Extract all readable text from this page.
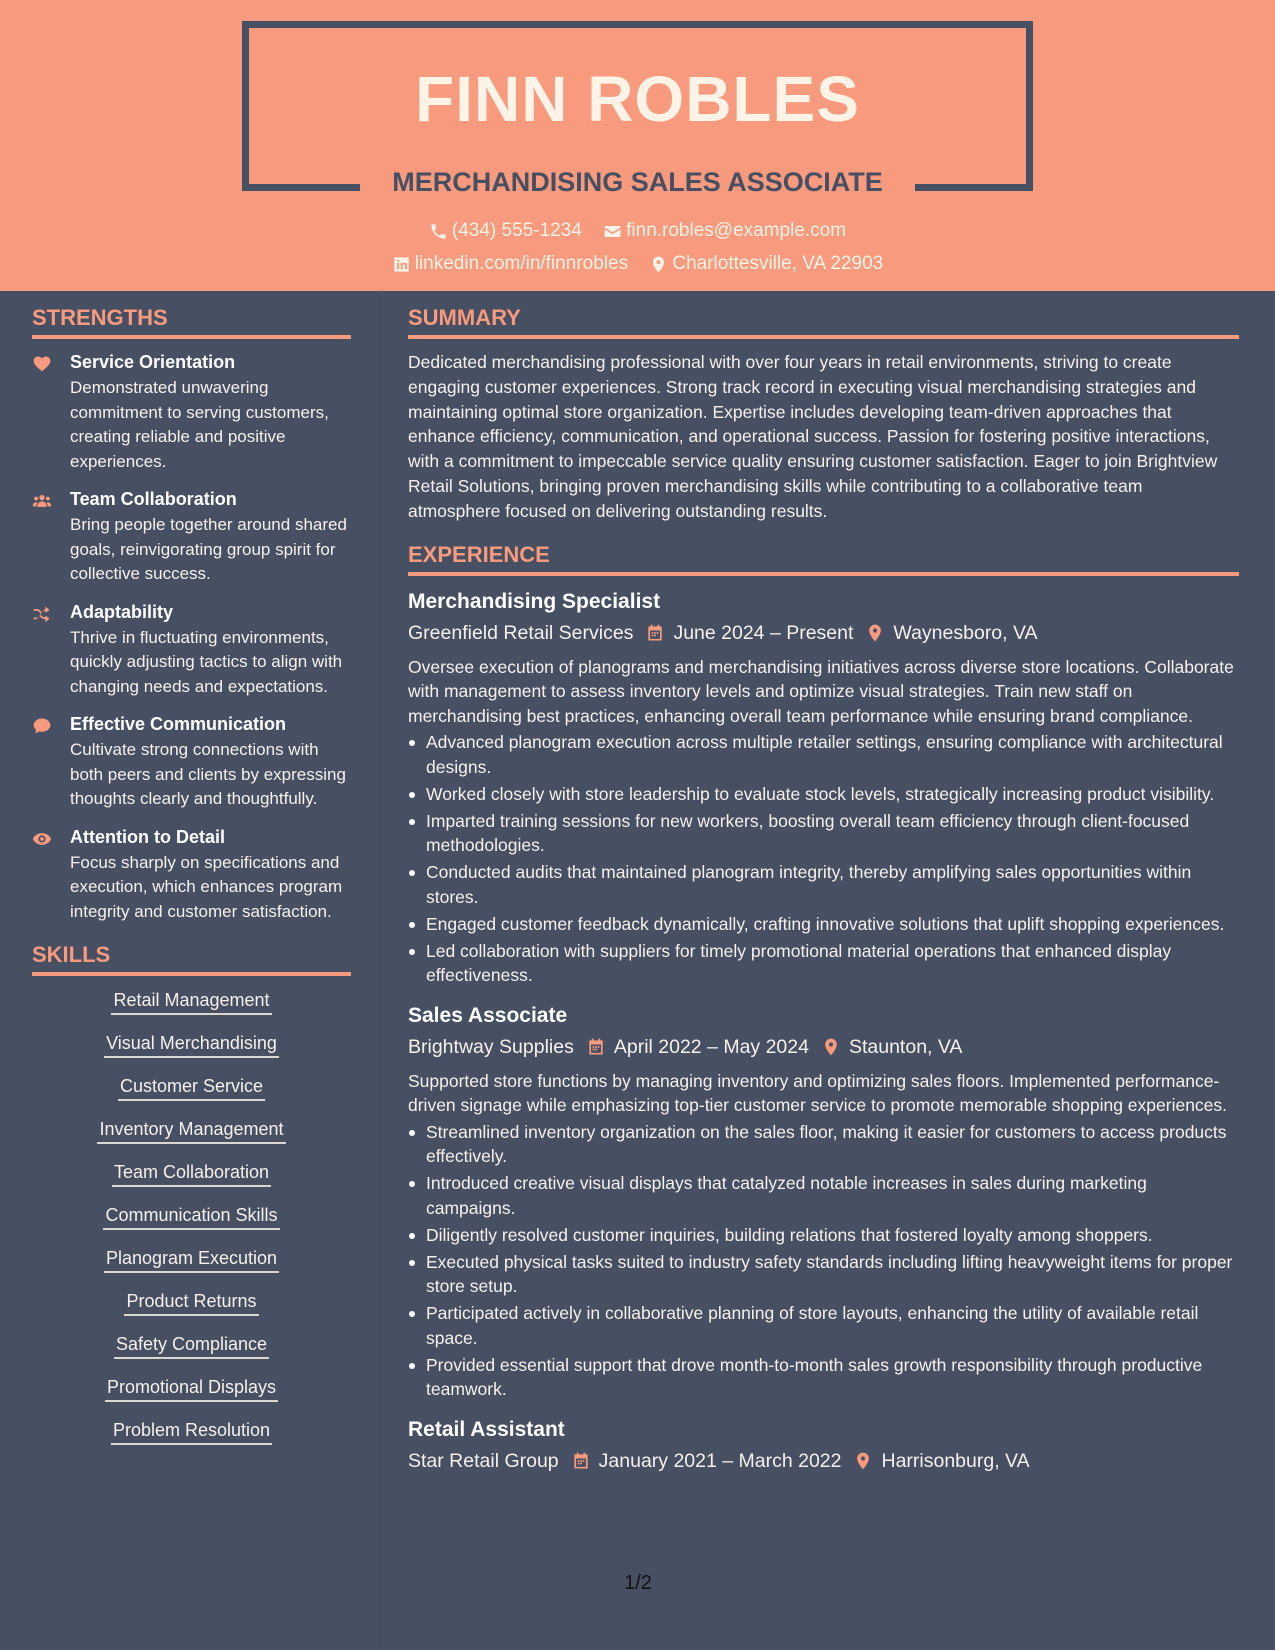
FINN ROBLES
MERCHANDISING SALES ASSOCIATE
(434) 555-1234
finn.robles@example.com
linkedin.com/in/finnrobles
Charlottesville, VA 22903
STRENGTHS
Service Orientation
Demonstrated unwavering commitment to serving customers, creating reliable and positive experiences.
Team Collaboration
Bring people together around shared goals, reinvigorating group spirit for collective success.
Adaptability
Thrive in fluctuating environments, quickly adjusting tactics to align with changing needs and expectations.
Effective Communication
Cultivate strong connections with both peers and clients by expressing thoughts clearly and thoughtfully.
Attention to Detail
Focus sharply on specifications and execution, which enhances program integrity and customer satisfaction.
SKILLS
Retail Management
Visual Merchandising
Customer Service
Inventory Management
Team Collaboration
Communication Skills
Planogram Execution
Product Returns
Safety Compliance
Promotional Displays
Problem Resolution
SUMMARY
Dedicated merchandising professional with over four years in retail environments, striving to create engaging customer experiences. Strong track record in executing visual merchandising strategies and maintaining optimal store organization. Expertise includes developing team-driven approaches that enhance efficiency, communication, and operational success. Passion for fostering positive interactions, with a commitment to impeccable service quality ensuring customer satisfaction. Eager to join Brightview Retail Solutions, bringing proven merchandising skills while contributing to a collaborative team atmosphere focused on delivering outstanding results.
EXPERIENCE
Merchandising Specialist
Greenfield Retail Services June 2024 – Present Waynesboro, VA
Oversee execution of planograms and merchandising initiatives across diverse store locations. Collaborate with management to assess inventory levels and optimize visual strategies. Train new staff on merchandising best practices, enhancing overall team performance while ensuring brand compliance.
Advanced planogram execution across multiple retailer settings, ensuring compliance with architectural designs.
Worked closely with store leadership to evaluate stock levels, strategically increasing product visibility.
Imparted training sessions for new workers, boosting overall team efficiency through client-focused methodologies.
Conducted audits that maintained planogram integrity, thereby amplifying sales opportunities within stores.
Engaged customer feedback dynamically, crafting innovative solutions that uplift shopping experiences.
Led collaboration with suppliers for timely promotional material operations that enhanced display effectiveness.
Sales Associate
Brightway Supplies April 2022 – May 2024 Staunton, VA
Supported store functions by managing inventory and optimizing sales floors. Implemented performance-driven signage while emphasizing top-tier customer service to promote memorable shopping experiences.
Streamlined inventory organization on the sales floor, making it easier for customers to access products effectively.
Introduced creative visual displays that catalyzed notable increases in sales during marketing campaigns.
Diligently resolved customer inquiries, building relations that fostered loyalty among shoppers.
Executed physical tasks suited to industry safety standards including lifting heavyweight items for proper store setup.
Participated actively in collaborative planning of store layouts, enhancing the utility of available retail space.
Provided essential support that drove month-to-month sales growth responsibility through productive teamwork.
Retail Assistant
Star Retail Group January 2021 – March 2022 Harrisonburg, VA
1/2
